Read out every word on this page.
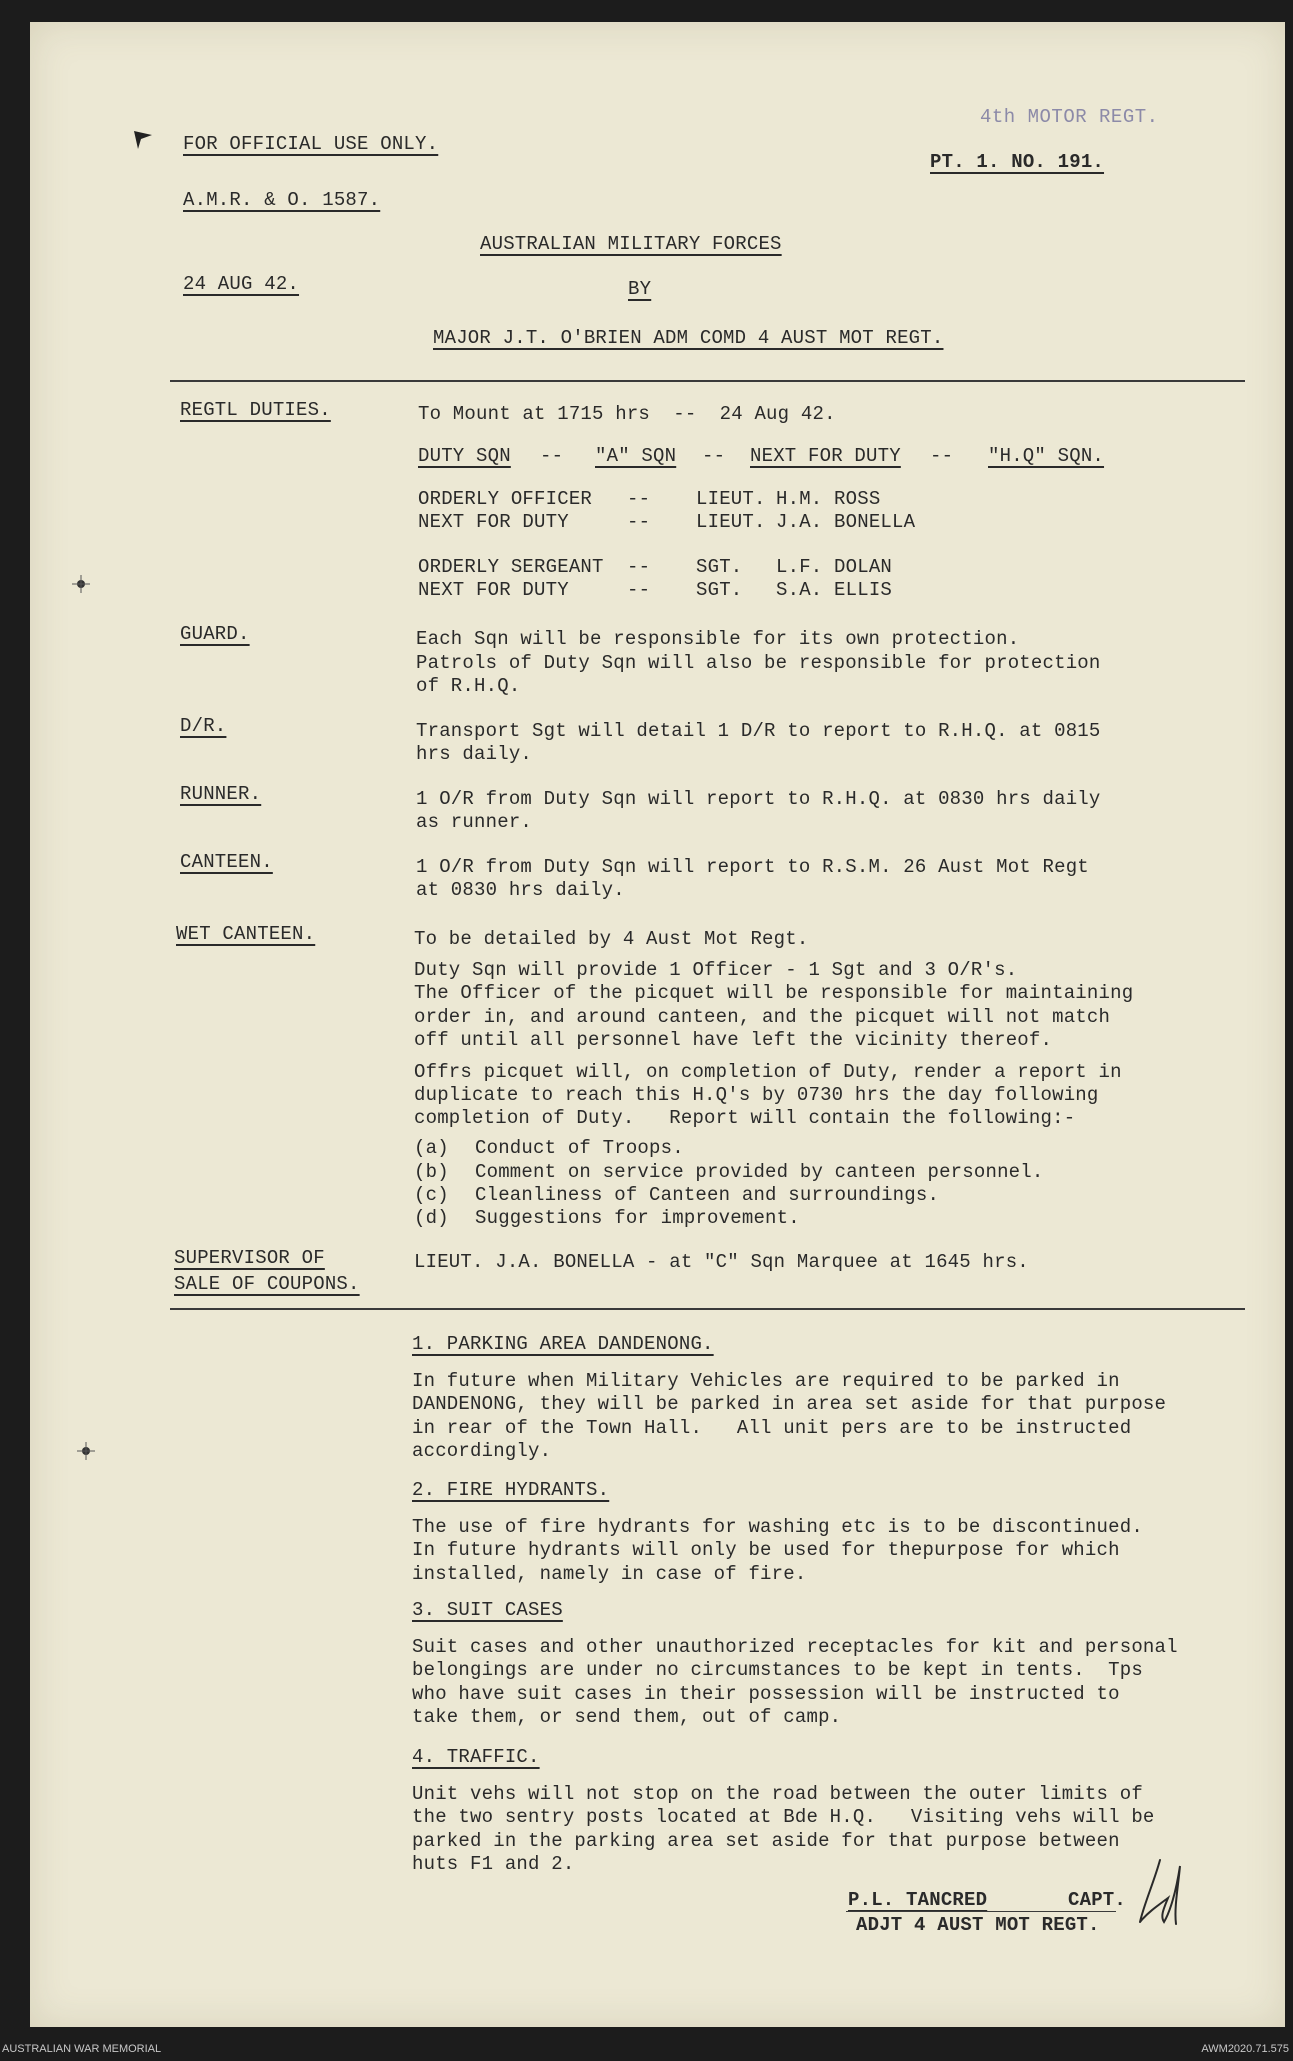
4th MOTOR REGT.
FOR OFFICIAL USE ONLY.
PT. 1. NO. 191.
A.M.R. & O. 1587.
AUSTRALIAN MILITARY FORCES
24 AUG 42.	BY
MAJOR J.T. O'BRIEN ADM COMD 4 AUST MOT REGT.
REGTL DUTIES.	To Mount at 1715 hrs  --  24 Aug 42.
DUTY SQN -- "A" SQN -- NEXT FOR DUTY -- "H.Q" SQN.
ORDERLY OFFICER -- LIEUT. H.M. ROSS
NEXT FOR DUTY	-- LIEUT. J.A. BONELLA
ORDERLY SERGEANT -- SGT. L.F. DOLAN
NEXT FOR DUTY	-- SGT. S.A. ELLIS
GUARD.	Each Sqn will be responsible for its own protection.
Patrols of Duty Sqn will also be responsible for protection
of R.H.Q.
D/R.	Transport Sgt will detail 1 D/R to report to R.H.Q. at 0815
hrs daily.
RUNNER.	1 O/R from Duty Sqn will report to R.H.Q. at 0830 hrs daily
as runner.
CANTEEN.	1 O/R from Duty Sqn will report to R.S.M. 26 Aust Mot Regt
at 0830 hrs daily.
WET CANTEEN.	To be detailed by 4 Aust Mot Regt.
Duty Sqn will provide 1 Officer - 1 Sgt and 3 O/R's.
The Officer of the picquet will be responsible for maintaining
order in, and around canteen, and the picquet will not match
off until all personnel have left the vicinity thereof.
Offrs picquet will, on completion of Duty, render a report in
duplicate to reach this H.Q's by 0730 hrs the day following
completion of Duty.   Report will contain the following:-
(a) Conduct of Troops.
(b) Comment on service provided by canteen personnel.
(c) Cleanliness of Canteen and surroundings.
(d) Suggestions for improvement.
SUPERVISOR OF
SALE OF COUPONS.
LIEUT. J.A. BONELLA - at "C" Sqn Marquee at 1645 hrs.
1. PARKING AREA DANDENONG.
In future when Military Vehicles are required to be parked in
DANDENONG, they will be parked in area set aside for that purpose
in rear of the Town Hall.   All unit pers are to be instructed
accordingly.
2. FIRE HYDRANTS.
The use of fire hydrants for washing etc is to be discontinued.
In future hydrants will only be used for thepurpose for which
installed, namely in case of fire.
3. SUIT CASES
Suit cases and other unauthorized receptacles for kit and personal
belongings are under no circumstances to be kept in tents.  Tps
who have suit cases in their possession will be instructed to
take them, or send them, out of camp.
4. TRAFFIC.
Unit vehs will not stop on the road between the outer limits of
the two sentry posts located at Bde H.Q.   Visiting vehs will be
parked in the parking area set aside for that purpose between
huts F1 and 2.
P.L. TANCRED	CAPT.
ADJT 4 AUST MOT REGT.
AUSTRALIAN WAR MEMORIAL	AWM2020.71.575
